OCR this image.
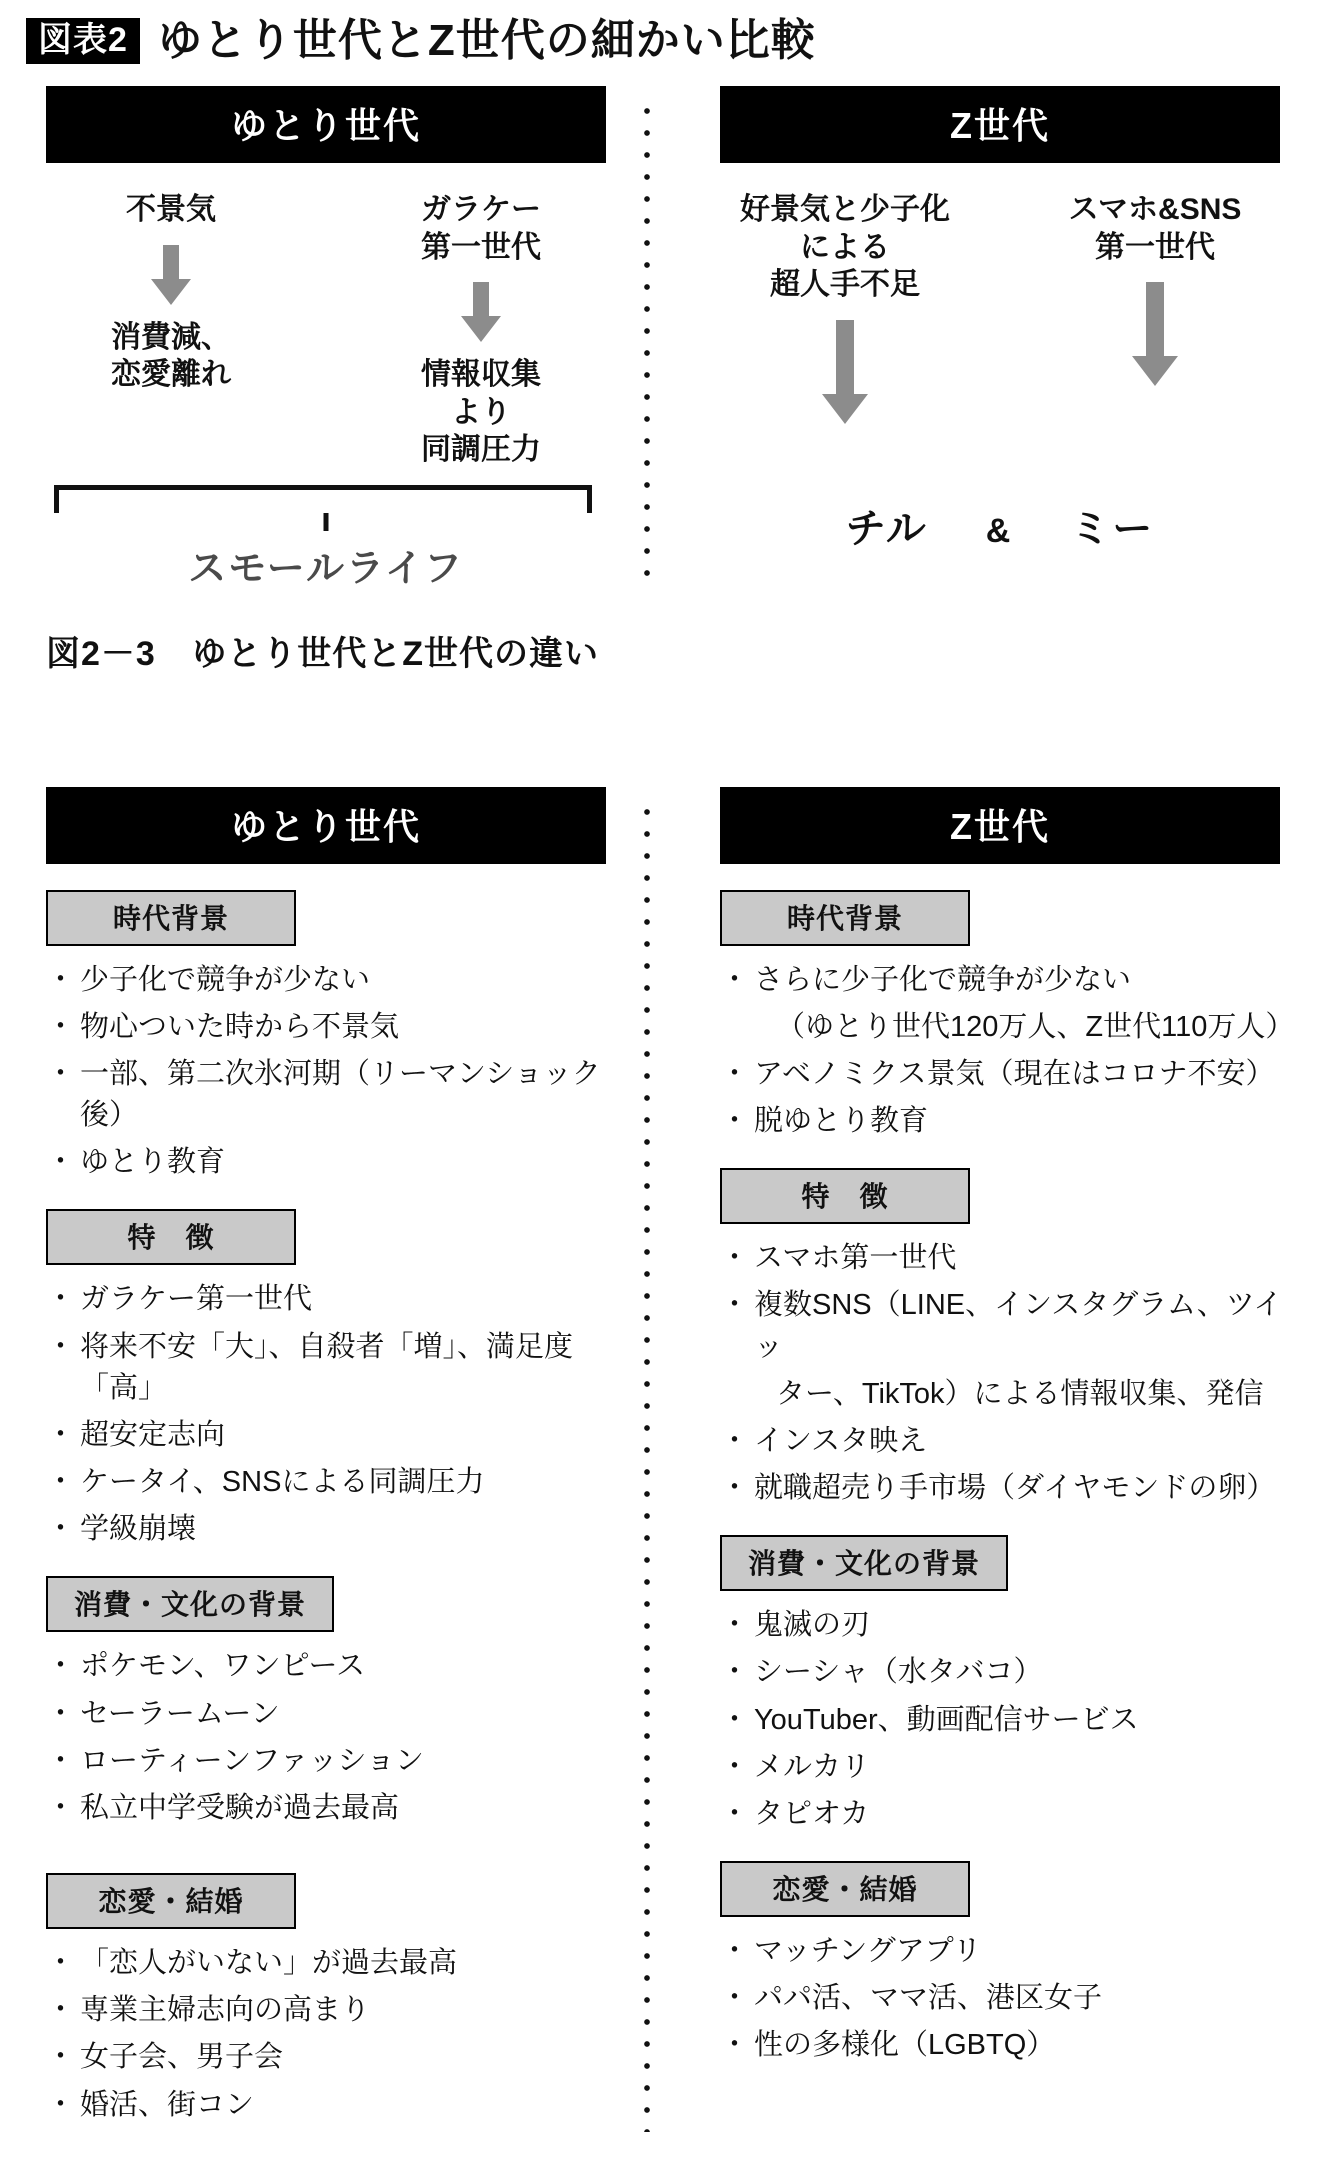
図表2 ゆとり世代とZ世代の細かい比較
ゆとり世代
不景気
消費減、
恋愛離れ
ガラケー
第一世代
情報収集
より
同調圧力
スモールライフ
Z世代
好景気と少子化
による
超人手不足

スマホ&SNS
第一世代

チル & ミー
図2－3 ゆとり世代とZ世代の違い
ゆとり世代
時代背景
・ 少子化で競争が少ない
・ 物心ついた時から不景気
・ 一部、第二次氷河期（リーマンショック後）
・ ゆとり教育
特　徴
・ ガラケー第一世代
・ 将来不安「大」、自殺者「増」、満足度「高」
・ 超安定志向
・ ケータイ、SNSによる同調圧力
・ 学級崩壊
消費・文化の背景
・ ポケモン、ワンピース
・ セーラームーン
・ ローティーンファッション
・ 私立中学受験が過去最高
恋愛・結婚
・ 「恋人がいない」が過去最高
・ 専業主婦志向の高まり
・ 女子会、男子会
・ 婚活、街コン
Z世代
時代背景
・ さらに少子化で競争が少ない
（ゆとり世代120万人、Z世代110万人）
・ アベノミクス景気（現在はコロナ不安）
・ 脱ゆとり教育
特　徴
・ スマホ第一世代
・ 複数SNS（LINE、インスタグラム、ツイッ
ター、TikTok）による情報収集、発信
・ インスタ映え
・ 就職超売り手市場（ダイヤモンドの卵）
消費・文化の背景
・ 鬼滅の刃
・ シーシャ（水タバコ）
・ YouTuber、動画配信サービス
・ メルカリ
・ タピオカ
恋愛・結婚
・ マッチングアプリ
・ パパ活、ママ活、港区女子
・ 性の多様化（LGBTQ）
